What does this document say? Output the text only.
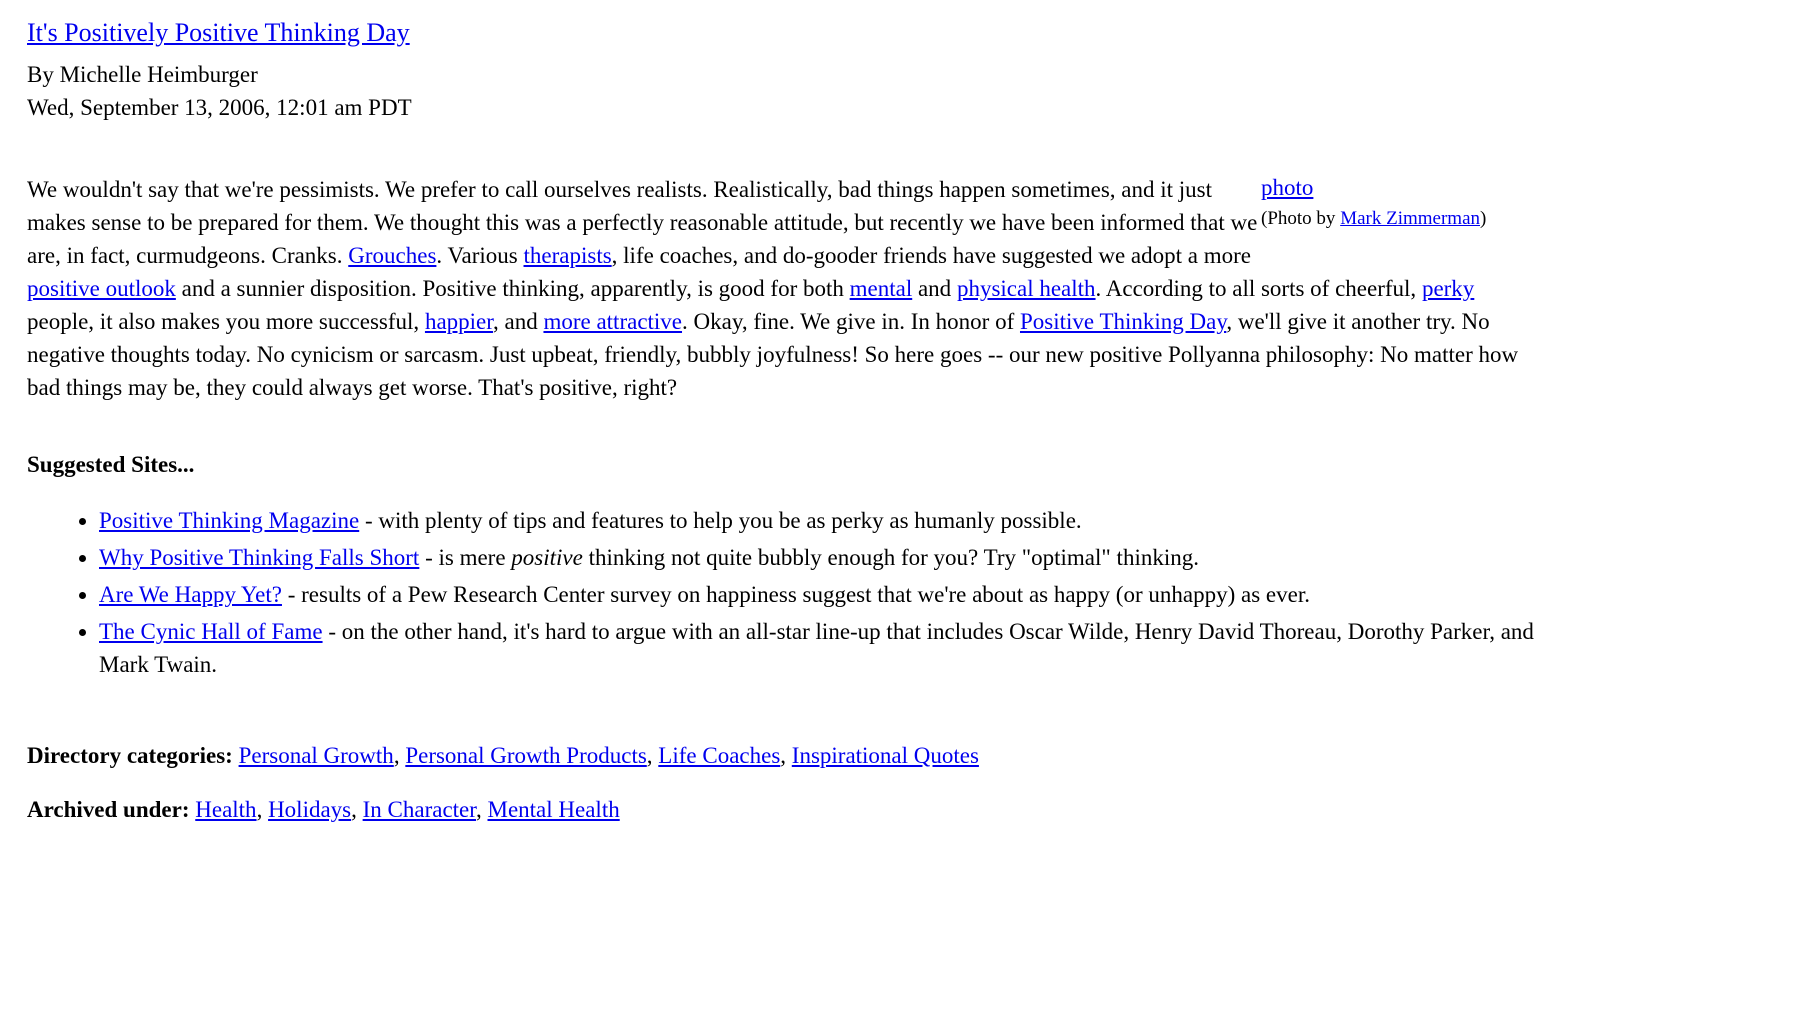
It's Positively Positive Thinking Day
By Michelle Heimburger
Wed, September 13, 2006, 12:01 am PDT
photo
(Photo by Mark Zimmerman)

We wouldn't say that we're pessimists. We prefer to call ourselves realists. Realistically, bad things happen sometimes, and it just makes sense to be prepared for them. We thought this was a perfectly reasonable attitude, but recently we have been informed that we are, in fact, curmudgeons. Cranks. Grouches. Various therapists, life coaches, and do-gooder friends have suggested we adopt a more positive outlook and a sunnier disposition. Positive thinking, apparently, is good for both mental and physical health. According to all sorts of cheerful, perky people, it also makes you more successful, happier, and more attractive. Okay, fine. We give in. In honor of Positive Thinking Day, we'll give it another try. No negative thoughts today. No cynicism or sarcasm. Just upbeat, friendly, bubbly joyfulness! So here goes -- our new positive Pollyanna philosophy: No matter how bad things may be, they could always get worse. That's positive, right?

Suggested Sites...

• Positive Thinking Magazine - with plenty of tips and features to help you be as perky as humanly possible.
• Why Positive Thinking Falls Short - is mere positive thinking not quite bubbly enough for you? Try "optimal" thinking.
• Are We Happy Yet? - results of a Pew Research Center survey on happiness suggest that we're about as happy (or unhappy) as ever.
• The Cynic Hall of Fame - on the other hand, it's hard to argue with an all-star line-up that includes Oscar Wilde, Henry David Thoreau, Dorothy Parker, and Mark Twain.

Directory categories: Personal Growth, Personal Growth Products, Life Coaches, Inspirational Quotes

Archived under: Health, Holidays, In Character, Mental Health
